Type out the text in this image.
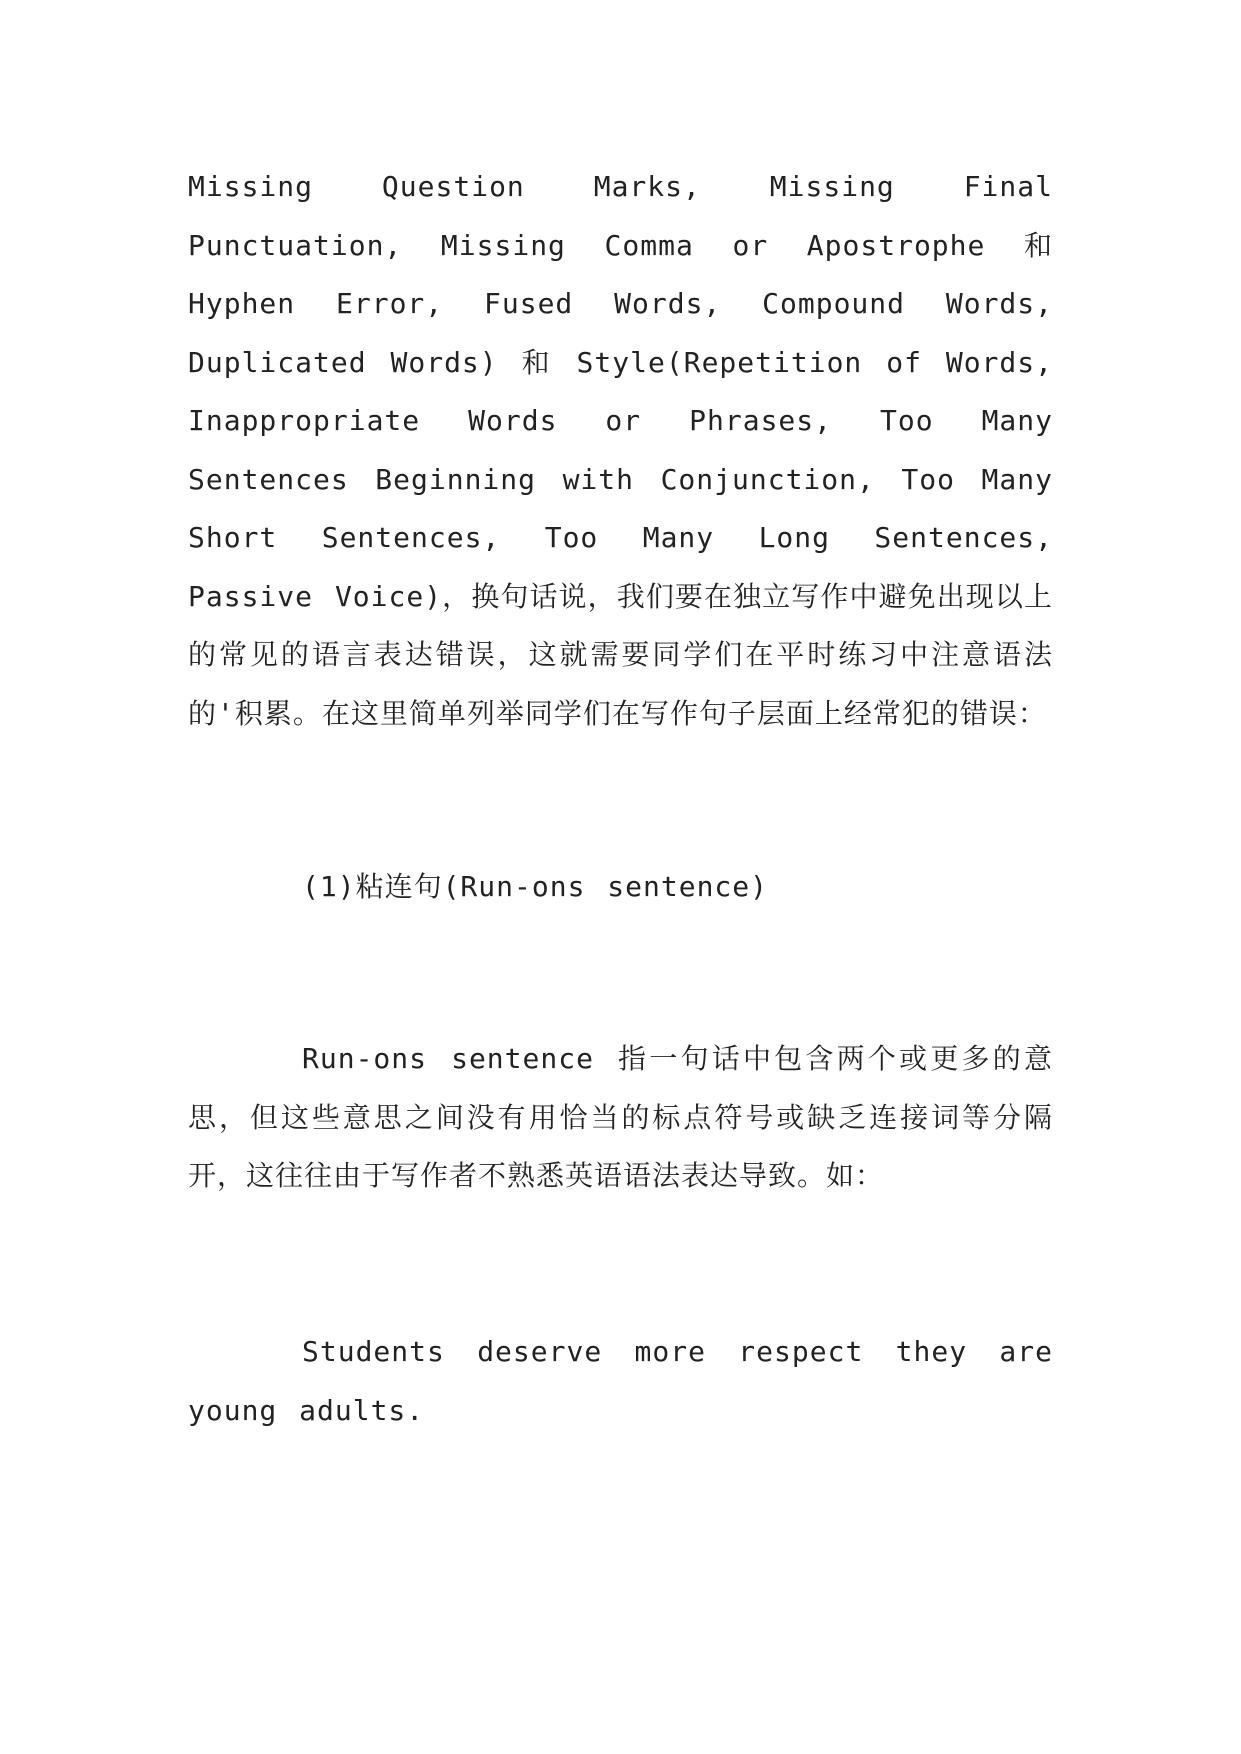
Missing Question Marks, Missing Final Punctuation, Missing Comma or Apostrophe 和 Hyphen Error, Fused Words, Compound Words, Duplicated Words) 和 Style(Repetition of Words, Inappropriate Words or Phrases, Too Many Sentences Beginning with Conjunction, Too Many Short Sentences, Too Many Long Sentences, Passive Voice)，换句话说，我们要在独立写作中避免出现以上的常见的语言表达错误，这就需要同学们在平时练习中注意语法的'积累。在这里简单列举同学们在写作句子层面上经常犯的错误：

(1)粘连句(Run-ons sentence)

Run-ons sentence 指一句话中包含两个或更多的意思，但这些意思之间没有用恰当的标点符号或缺乏连接词等分隔开，这往往由于写作者不熟悉英语语法表达导致。如：

Students deserve more respect they are young adults.
